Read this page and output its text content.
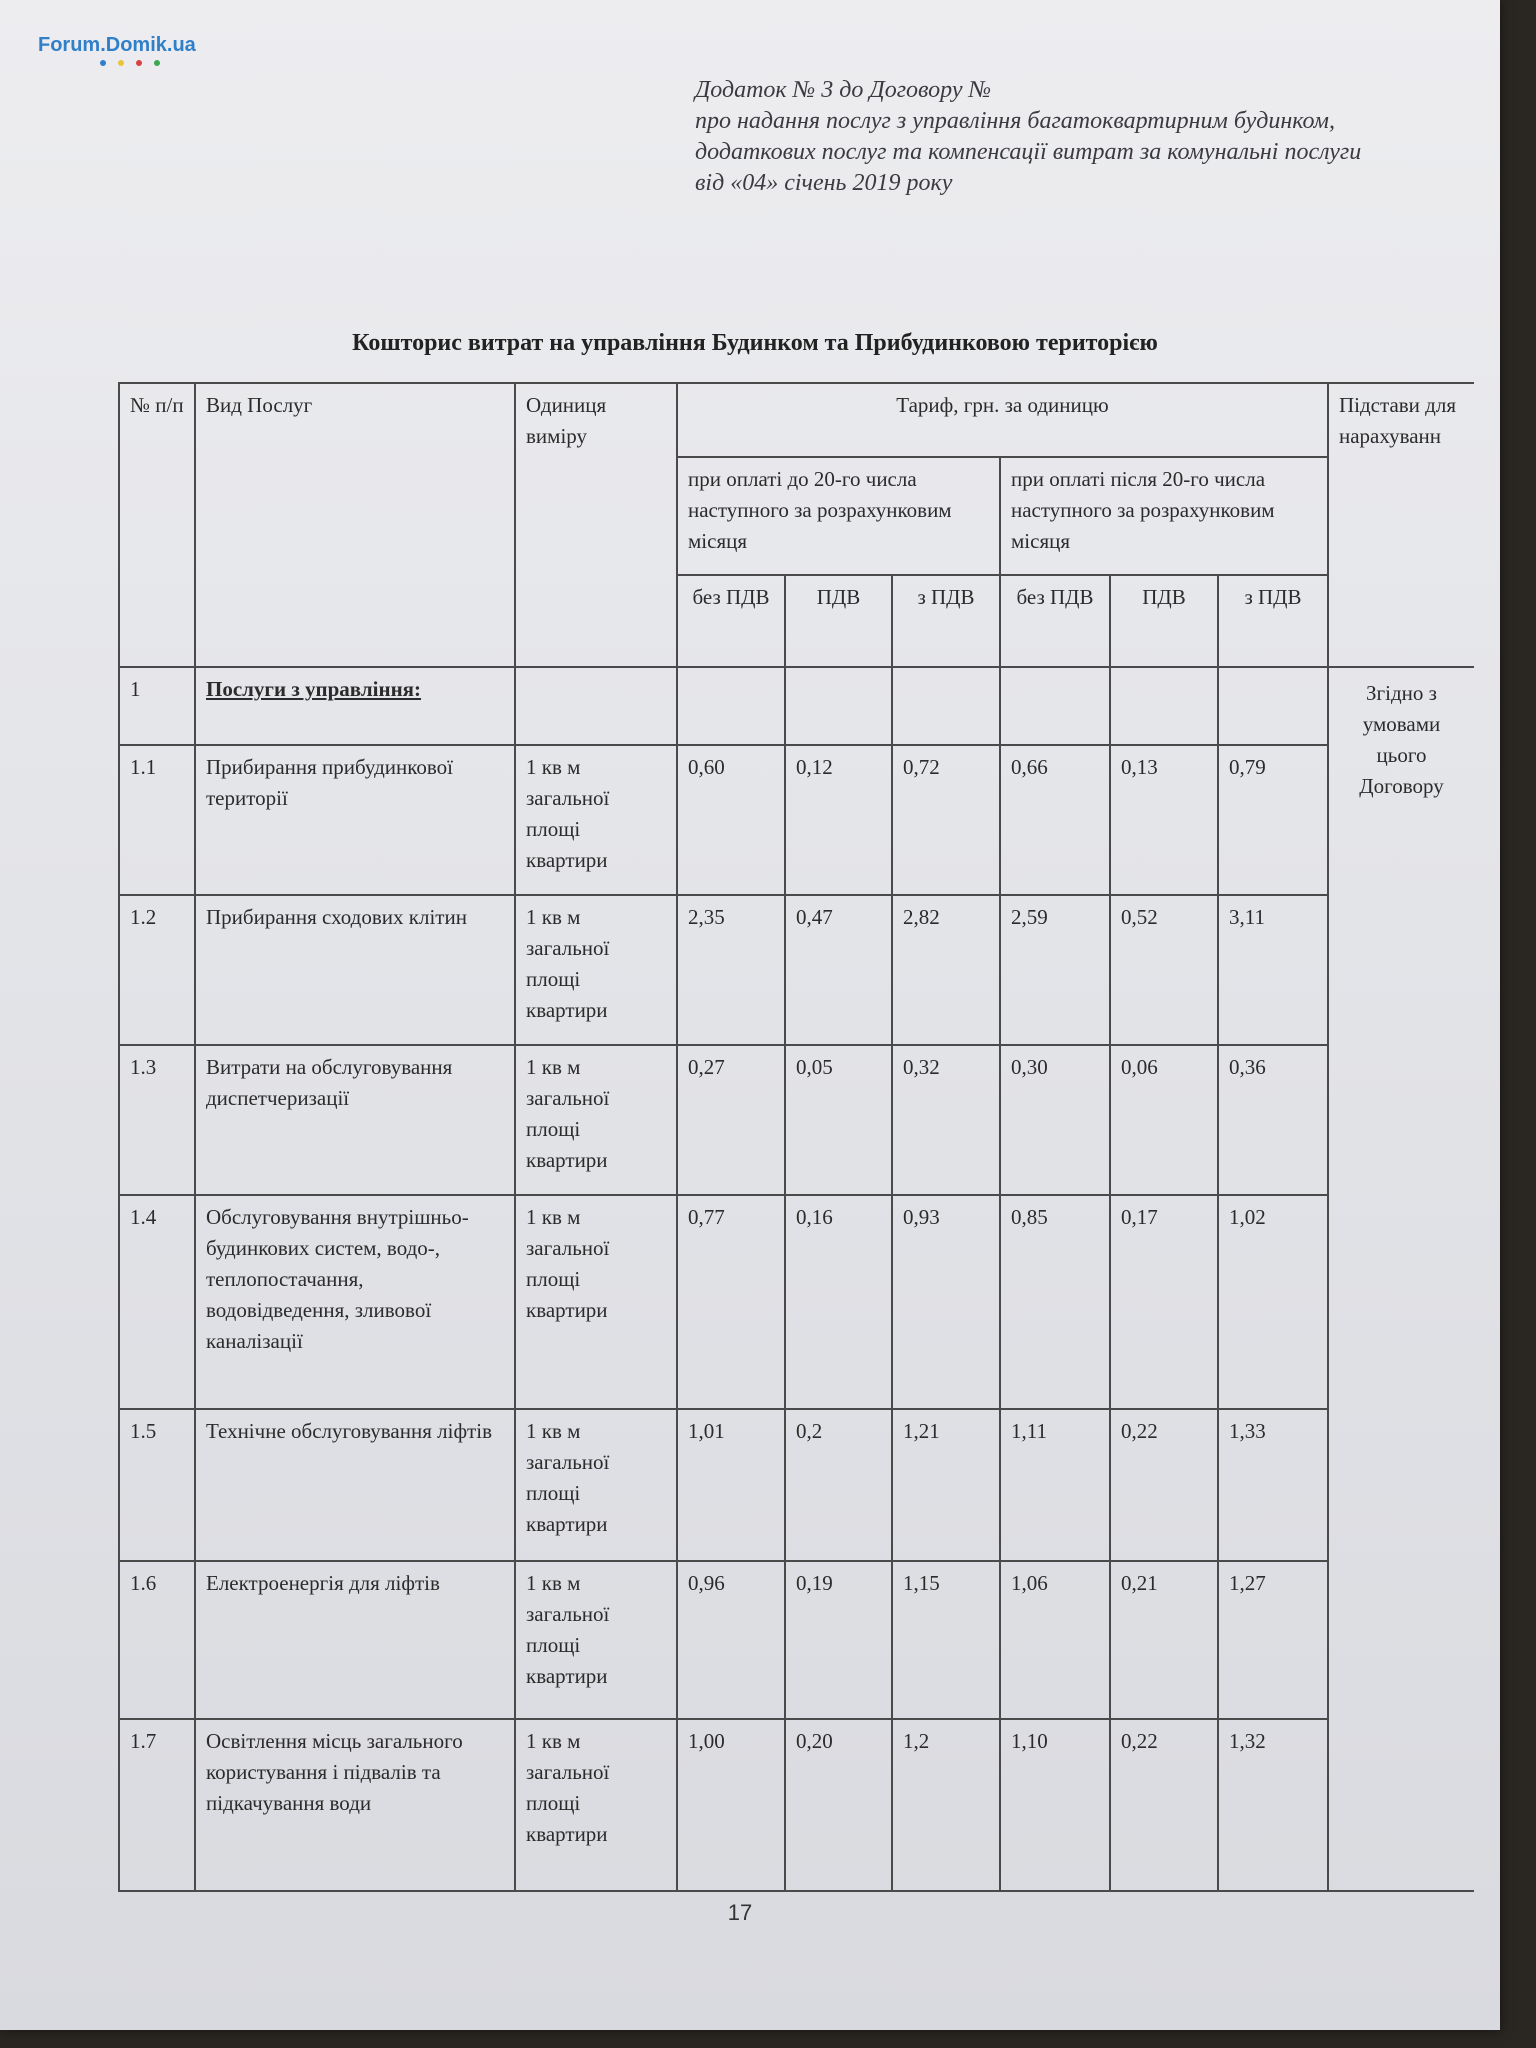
Forum.Domik.ua
Додаток № 3 до Договору №
про надання послуг з управління багатоквартирним будинком,
додаткових послуг та компенсації витрат за комунальні послуги
від «04» січень 2019 року
Кошторис витрат на управління Будинком та Прибудинковою територією
№ п/п	Вид Послуг	Одиниця виміру	Тариф, грн. за одиницю						Підстави для нарахуванн
			при оплаті до 20-го числа наступного за розрахунковим місяця			при оплаті після 20-го числа наступного за розрахунковим місяця			
			без ПДВ	ПДВ	з ПДВ	без ПДВ	ПДВ	з ПДВ	
1	Послуги з управління:								Згідно з умовами цього Договору
1.1	Прибирання прибудинкової території	1 кв м загальної площі квартири	0,60	0,12	0,72	0,66	0,13	0,79	
1.2	Прибирання сходових клітин	1 кв м загальної площі квартири	2,35	0,47	2,82	2,59	0,52	3,11	
1.3	Витрати на обслуговування диспетчеризації	1 кв м загальної площі квартири	0,27	0,05	0,32	0,30	0,06	0,36	
1.4	Обслуговування внутрішньо-будинкових систем, водо-, теплопостачання, водовідведення, зливової каналізації	1 кв м загальної площі квартири	0,77	0,16	0,93	0,85	0,17	1,02	
1.5	Технічне обслуговування ліфтів	1 кв м загальної площі квартири	1,01	0,2	1,21	1,11	0,22	1,33	
1.6	Електроенергія для ліфтів	1 кв м загальної площі квартири	0,96	0,19	1,15	1,06	0,21	1,27	
1.7	Освітлення місць загального користування і підвалів та підкачування води	1 кв м загальної площі квартири	1,00	0,20	1,2	1,10	0,22	1,32	
17
